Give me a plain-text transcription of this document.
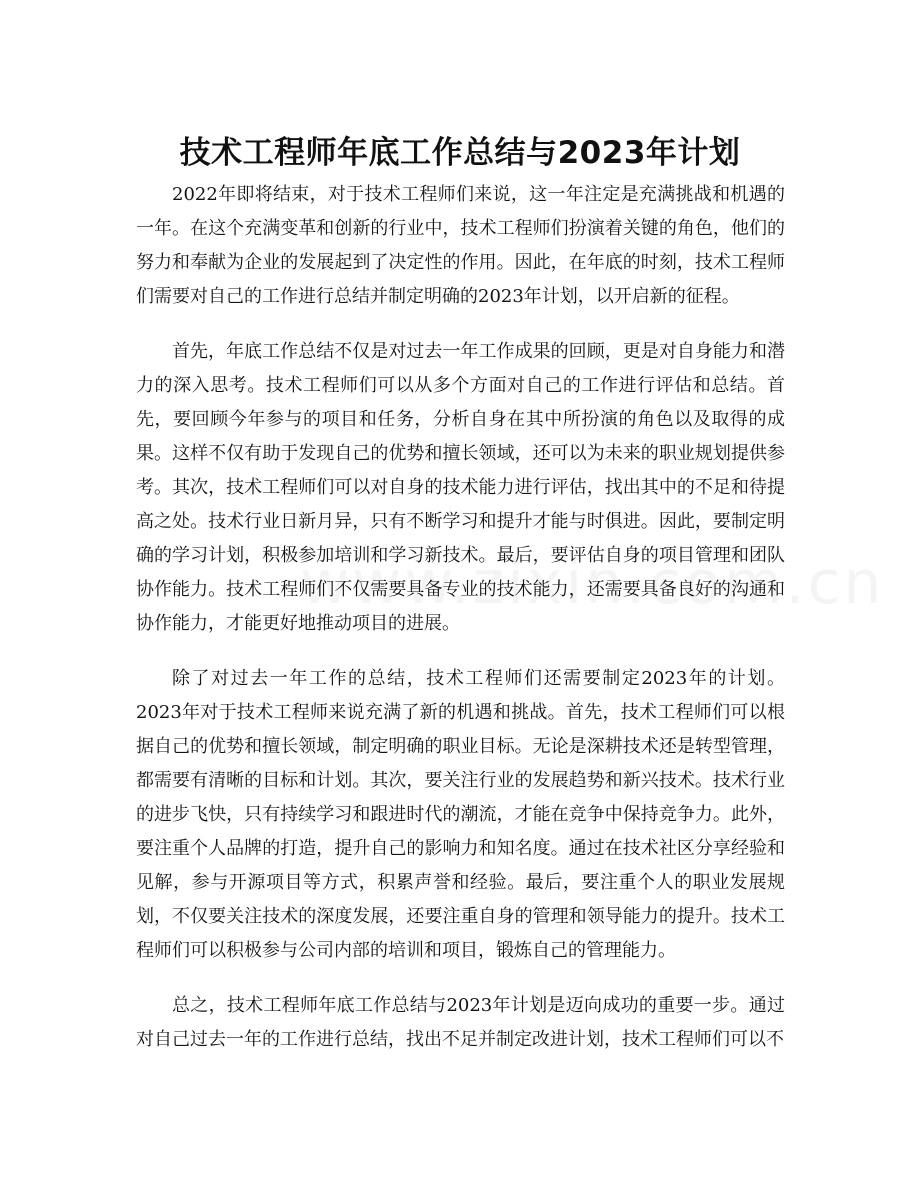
技术工程师年底工作总结与2023年计划

2022年即将结束，对于技术工程师们来说，这一年注定是充满挑战和机遇的一年。在这个充满变革和创新的行业中，技术工程师们扮演着关键的角色，他们的努力和奉献为企业的发展起到了决定性的作用。因此，在年底的时刻，技术工程师们需要对自己的工作进行总结并制定明确的2023年计划，以开启新的征程。

首先，年底工作总结不仅是对过去一年工作成果的回顾，更是对自身能力和潜力的深入思考。技术工程师们可以从多个方面对自己的工作进行评估和总结。首先，要回顾今年参与的项目和任务，分析自身在其中所扮演的角色以及取得的成果。这样不仅有助于发现自己的优势和擅长领域，还可以为未来的职业规划提供参考。其次，技术工程师们可以对自身的技术能力进行评估，找出其中的不足和待提高之处。技术行业日新月异，只有不断学习和提升才能与时俱进。因此，要制定明确的学习计划，积极参加培训和学习新技术。最后，要评估自身的项目管理和团队协作能力。技术工程师们不仅需要具备专业的技术能力，还需要具备良好的沟通和协作能力，才能更好地推动项目的进展。

除了对过去一年工作的总结，技术工程师们还需要制定2023年的计划。2023年对于技术工程师来说充满了新的机遇和挑战。首先，技术工程师们可以根据自己的优势和擅长领域，制定明确的职业目标。无论是深耕技术还是转型管理，都需要有清晰的目标和计划。其次，要关注行业的发展趋势和新兴技术。技术行业的进步飞快，只有持续学习和跟进时代的潮流，才能在竞争中保持竞争力。此外，要注重个人品牌的打造，提升自己的影响力和知名度。通过在技术社区分享经验和见解，参与开源项目等方式，积累声誉和经验。最后，要注重个人的职业发展规划，不仅要关注技术的深度发展，还要注重自身的管理和领导能力的提升。技术工程师们可以积极参与公司内部的培训和项目，锻炼自己的管理能力。

总之，技术工程师年底工作总结与2023年计划是迈向成功的重要一步。通过对自己过去一年的工作进行总结，找出不足并制定改进计划，技术工程师们可以不
